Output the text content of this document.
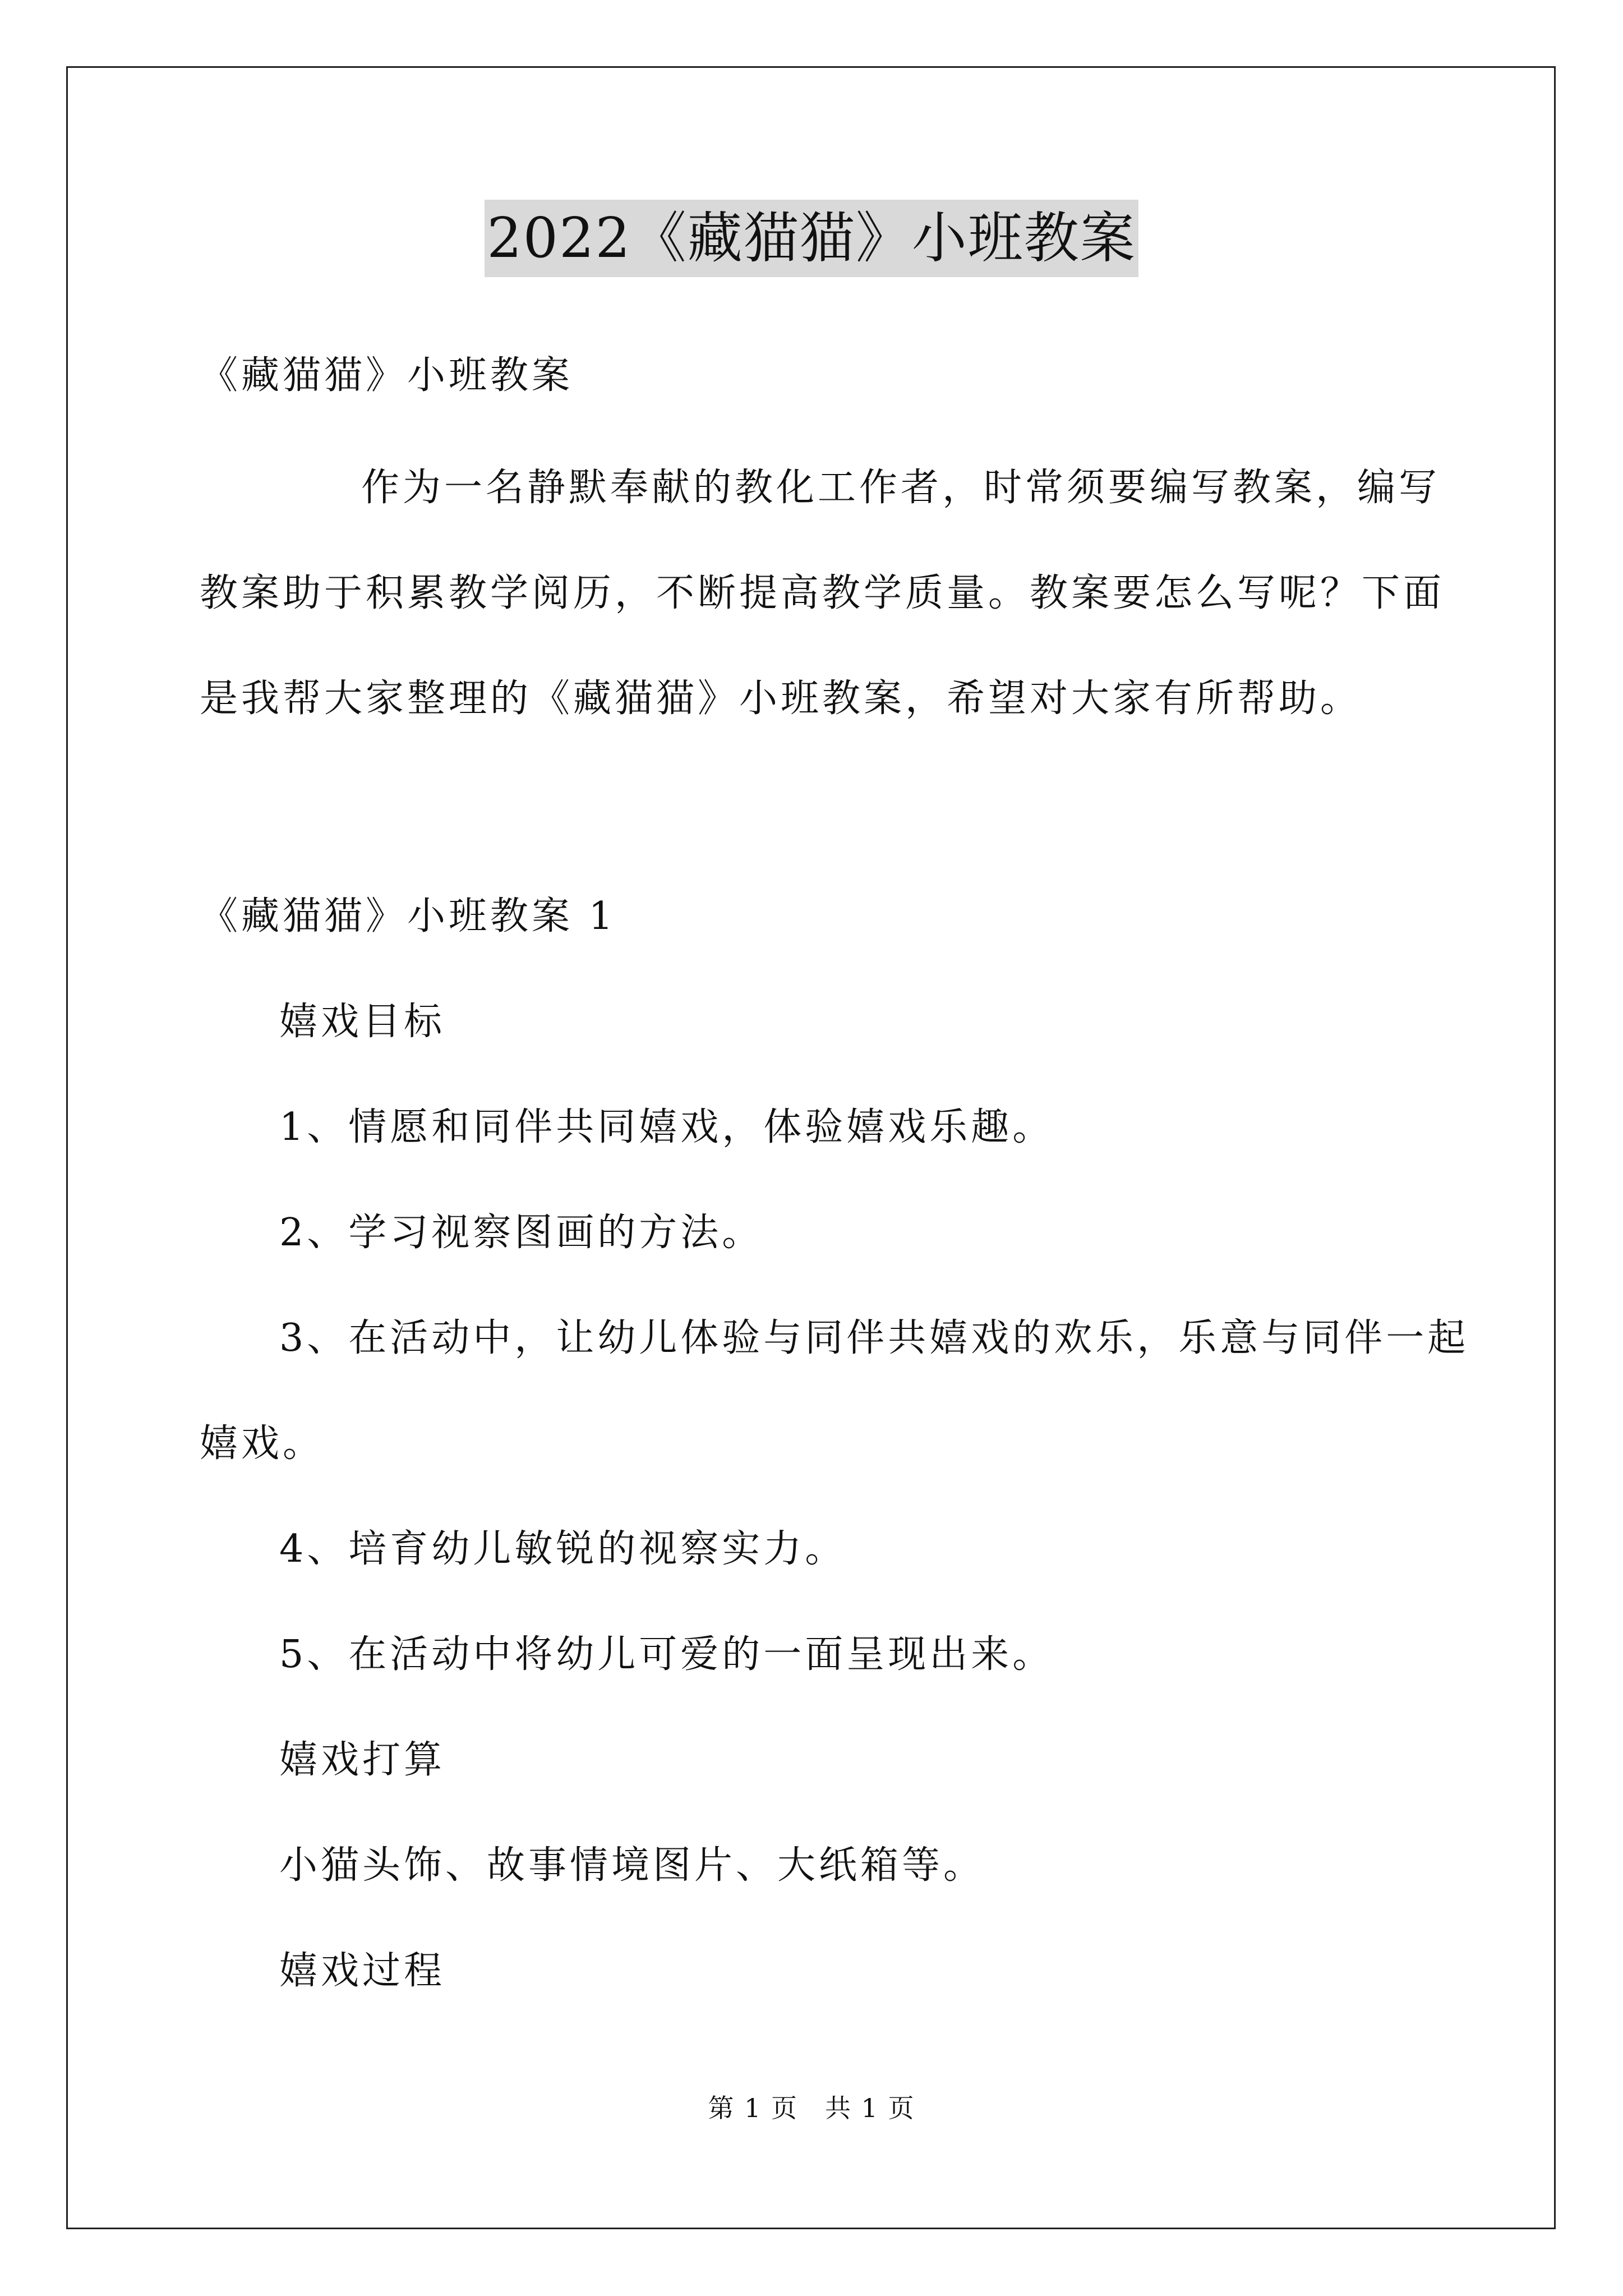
2022《藏猫猫》小班教案
《藏猫猫》小班教案
作为一名静默奉献的教化工作者，时常须要编写教案，编写
教案助于积累教学阅历，不断提高教学质量。教案要怎么写呢？下面
是我帮大家整理的《藏猫猫》小班教案，希望对大家有所帮助。
《藏猫猫》小班教案 1
嬉戏目标
1、情愿和同伴共同嬉戏，体验嬉戏乐趣。
2、学习视察图画的方法。
3、在活动中，让幼儿体验与同伴共嬉戏的欢乐，乐意与同伴一起
嬉戏。
4、培育幼儿敏锐的视察实力。
5、在活动中将幼儿可爱的一面呈现出来。
嬉戏打算
小猫头饰、故事情境图片、大纸箱等。
嬉戏过程
第 1 页　共 1 页
